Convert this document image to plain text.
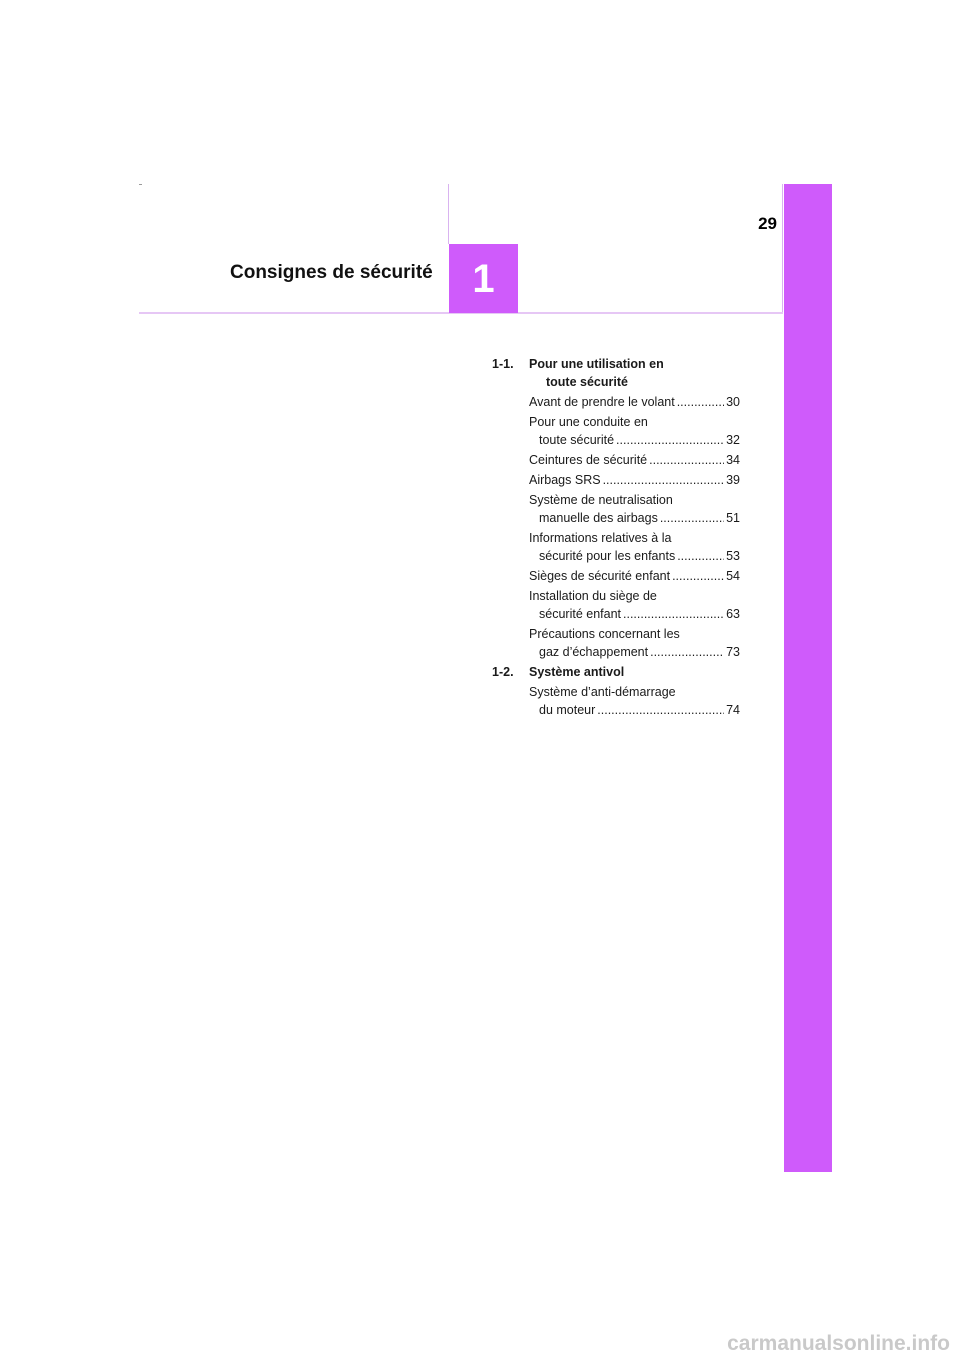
29
Consignes de sécurité 1
1-1.	Pour une utilisation en
toute sécurité
Avant de prendre le volant .....	30
Pour une conduite en
toute sécurité .....	32
Ceintures de sécurité .....	34
Airbags SRS .....	39
Système de neutralisation
manuelle des airbags .....	51
Informations relatives à la
sécurité pour les enfants .....	53
Sièges de sécurité enfant .....	54
Installation du siège de
sécurité enfant .....	63
Précautions concernant les
gaz d’échappement .....	73
1-2.	Système antivol
Système d’anti-démarrage
du moteur .....	74
carmanualsonline.info
